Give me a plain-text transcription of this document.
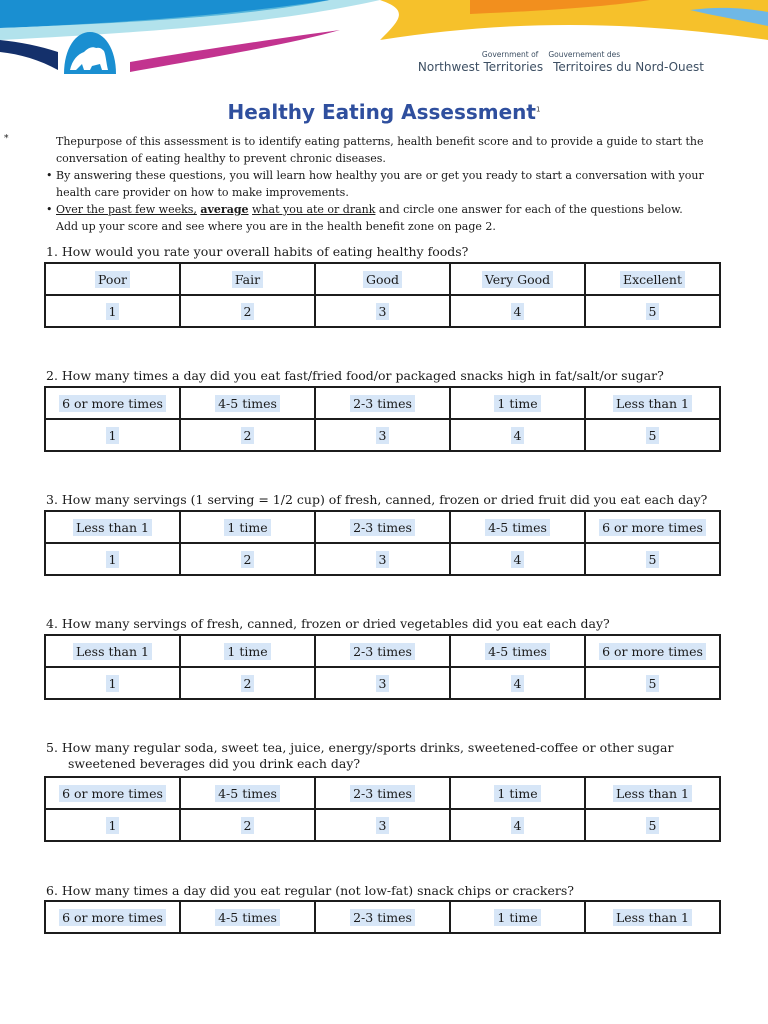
Government of Gouvernement des
Northwest Territories Territoires du Nord-Ouest
Healthy Eating Assessment$^1$

*	Thepurpose of this assessment is to identify eating patterns, health benefit score and to provide a guide to start the conversation of eating healthy to prevent chronic diseases.

• By answering these questions, you will learn how healthy you are or get you ready to start a conversation with your health care provider on how to make improvements.

• Over the past few weeks, average what you ate or drank and circle one answer for each of the questions below. Add up your score and see where you are in the health benefit zone on page 2.

1. How would you rate your overall habits of eating healthy foods?
Poor	Fair	Good	Very Good	Excellent
1	2	3	4	5
2. How many times a day did you eat fast/fried food/or packaged snacks high in fat/salt/or sugar?
6 or more times	4-5 times	2-3 times	1 time	Less than 1
1	2	3	4	5
3. How many servings (1 serving = 1/2 cup) of fresh, canned, frozen or dried fruit did you eat each day?
Less than 1	1 time	2-3 times	4-5 times	6 or more times
1	2	3	4	5
4. How many servings of fresh, canned, frozen or dried vegetables did you eat each day?
Less than 1	1 time	2-3 times	4-5 times	6 or more times
1	2	3	4	5
5. How many regular soda, sweet tea, juice, energy/sports drinks, sweetened-coffee or other sugar
sweetened beverages did you drink each day?
6 or more times	4-5 times	2-3 times	1 time	Less than 1
1	2	3	4	5
6. How many times a day did you eat regular (not low-fat) snack chips or crackers?
6 or more times	4-5 times	2-3 times	1 time	Less than 1
